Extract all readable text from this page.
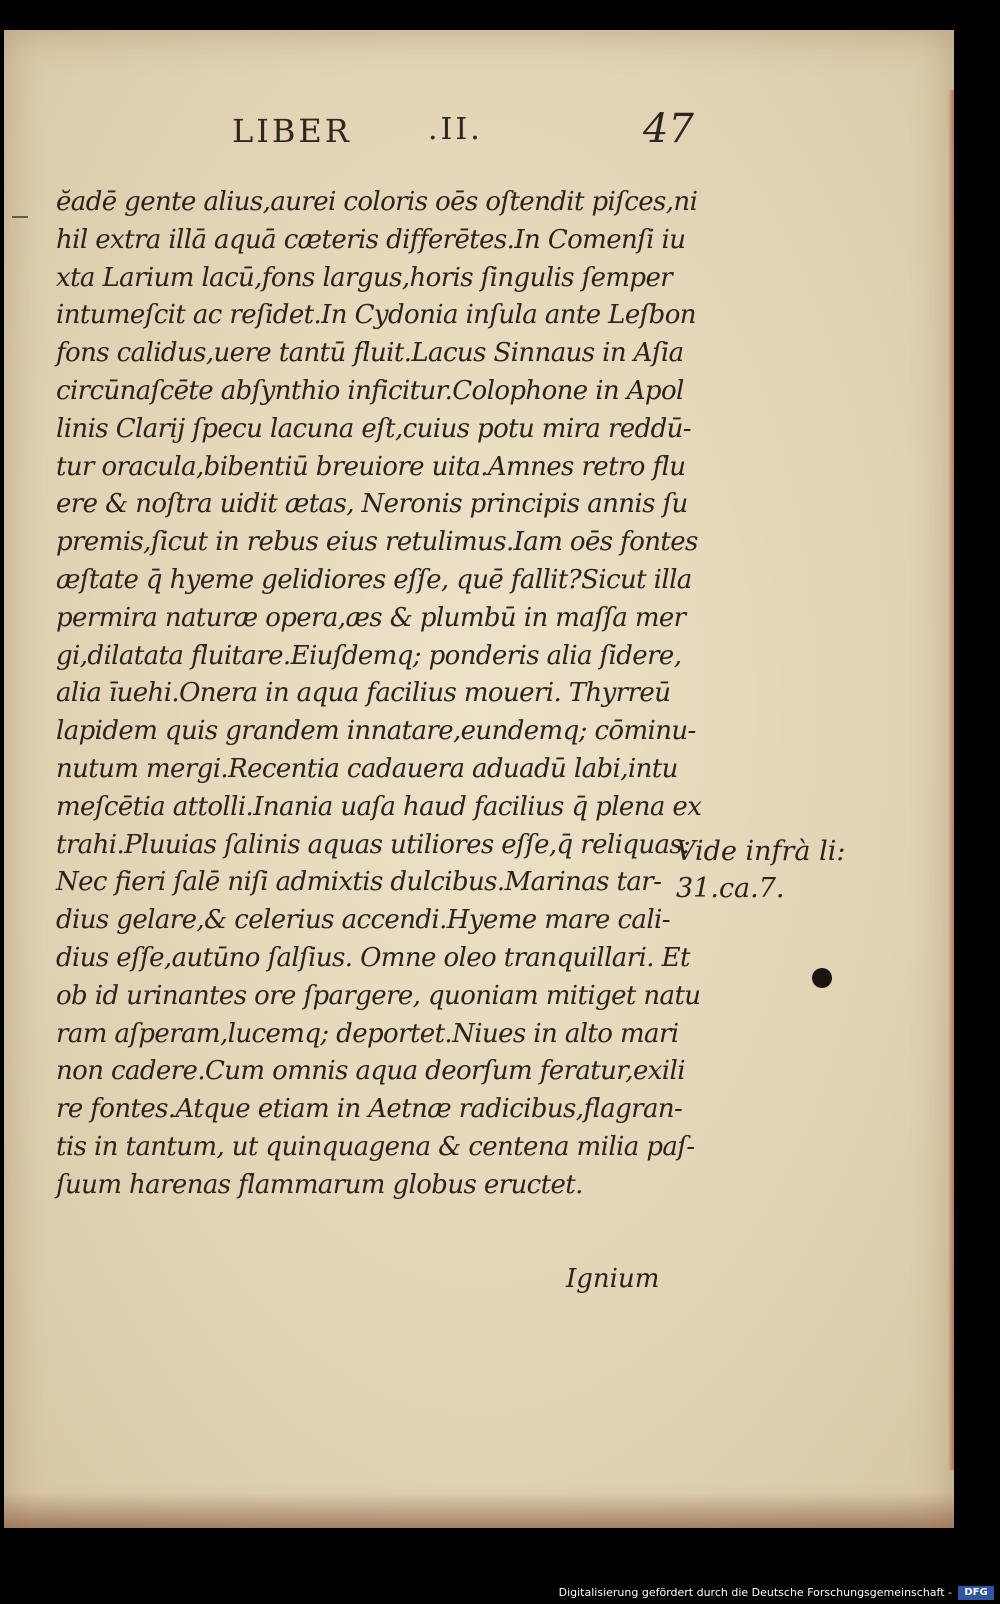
LIBER	.II.	47
ĕadē gente alius,aurei coloris oēs oſtendit piſces,ni
hil extra illā aquā cæteris differētes.In Comenſi iu
xta Larium lacū,fons largus,horis ſingulis ſemper
intumeſcit ac reſidet.In Cydonia inſula ante Leſbon
fons calidus,uere tantū fluit.Lacus Sinnaus in Aſia
circūnaſcēte abſynthio inficitur.Colophone in Apol
linis Clarij ſpecu lacuna eſt,cuius potu mira reddū-
tur oracula,bibentiū breuiore uita.Amnes retro flu
ere & noſtra uidit ætas, Neronis principis annis ſu
premis,ſicut in rebus eius retulimus.Iam oēs fontes
æſtate q̄ hyeme gelidiores eſſe, quē fallit?Sicut illa
permira naturæ opera,æs & plumbū in maſſa mer
gi,dilatata fluitare.Eiuſdemq; ponderis alia ſidere,
alia īuehi.Onera in aqua facilius moueri. Thyrreū
lapidem quis grandem innatare,eundemq; cōminu-
nutum mergi.Recentia cadauera aduadū labi,intu
meſcētia attolli.Inania uaſa haud facilius q̄ plena ex
trahi.Pluuias ſalinis aquas utiliores eſſe,q̄ reliquas:
Nec fieri ſalē niſi admixtis dulcibus.Marinas tar-
dius gelare,& celerius accendi.Hyeme mare cali-
dius eſſe,autūno ſalſius. Omne oleo tranquillari. Et
ob id urinantes ore ſpargere, quoniam mitiget natu
ram aſperam,lucemq; deportet.Niues in alto mari
non cadere.Cum omnis aqua deorſum feratur,exili
re fontes.Atque etiam in Aetnæ radicibus,flagran-
tis in tantum, ut quinquagena & centena milia paſ-
ſuum harenas flammarum globus eructet.
Ignium
Vide infrà li:
31.ca.7.
Digitalisierung gefördert durch die Deutsche Forschungsgemeinschaft -	DFG
